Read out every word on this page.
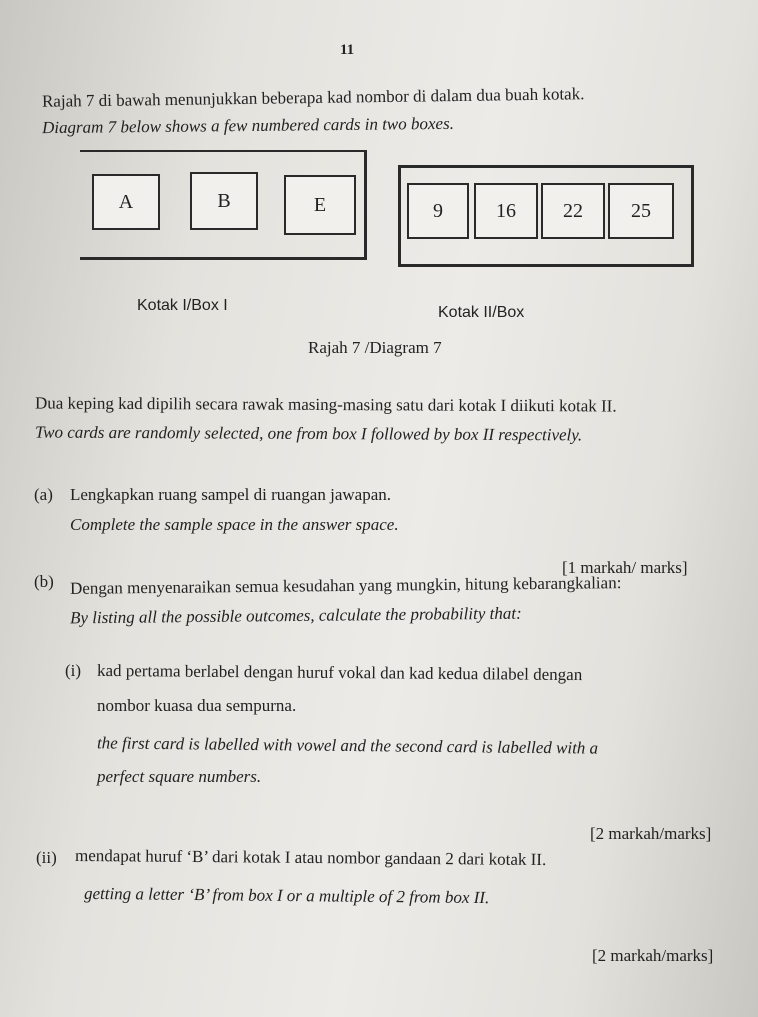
11
Rajah 7 di bawah menunjukkan beberapa kad nombor di dalam dua buah kotak.
Diagram 7 below shows a few numbered cards in two boxes.
A	B	E	9	16	22	25
Kotak I/Box I	Kotak II/Box
Rajah 7 /Diagram 7
Dua keping kad dipilih secara rawak masing-masing satu dari kotak I diikuti kotak II.
Two cards are randomly selected, one from box I followed by box II respectively.
(a) Lengkapkan ruang sampel di ruangan jawapan.
Complete the sample space in the answer space.
[1 markah/ marks]
(b) Dengan menyenaraikan semua kesudahan yang mungkin, hitung kebarangkalian:
By listing all the possible outcomes, calculate the probability that:
(i) kad pertama berlabel dengan huruf vokal dan kad kedua dilabel dengan
nombor kuasa dua sempurna.
the first card is labelled with vowel and the second card is labelled with a
perfect square numbers.
[2 markah/marks]
(ii) mendapat huruf ‘B’ dari kotak I atau nombor gandaan 2 dari kotak II.
getting a letter ‘B’ from box I or a multiple of 2 from box II.
[2 markah/marks]
